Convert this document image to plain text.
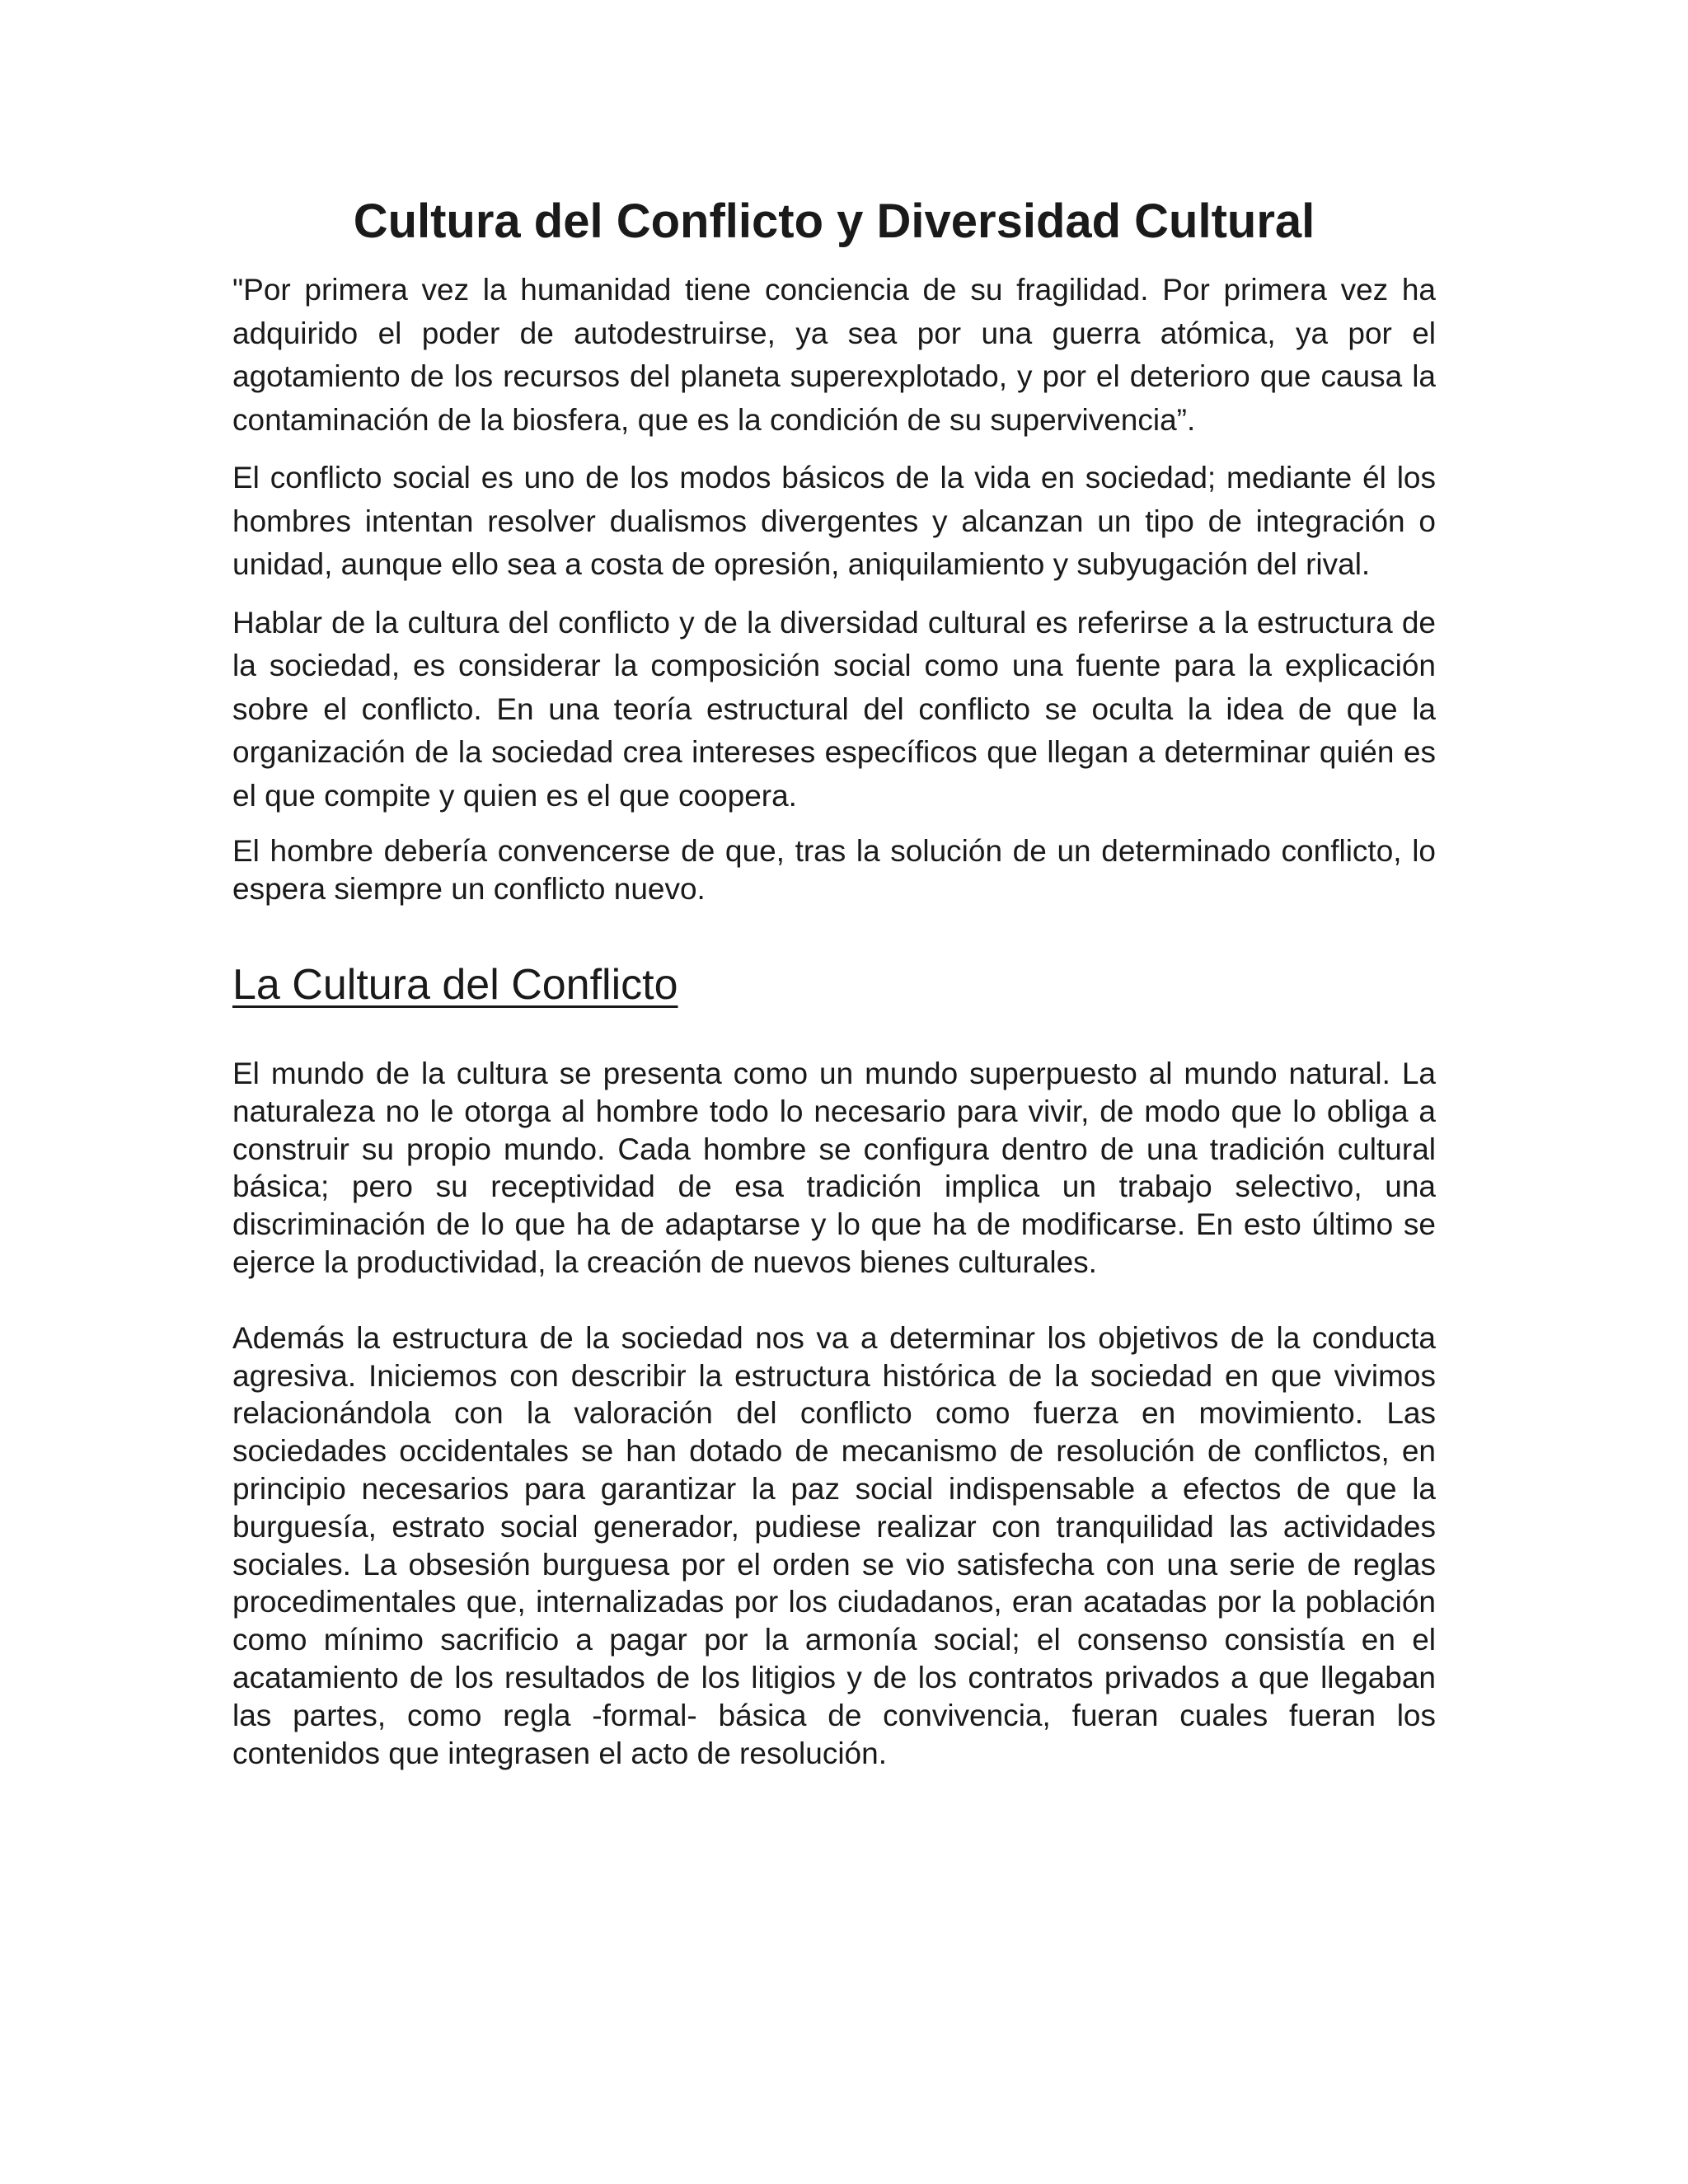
Cultura del Conflicto y Diversidad Cultural

"Por primera vez la humanidad tiene conciencia de su fragilidad. Por primera vez ha adquirido el poder de autodestruirse, ya sea por una guerra atómica, ya por el agotamiento de los recursos del planeta superexplotado, y por el deterioro que causa la contaminación de la biosfera, que es la condición de su supervivencia”.

El conflicto social es uno de los modos básicos de la vida en sociedad; mediante él los hombres intentan resolver dualismos divergentes y alcanzan un tipo de integración o unidad, aunque ello sea a costa de opresión, aniquilamiento y subyugación del rival.

Hablar de la cultura del conflicto y de la diversidad cultural es referirse a la estructura de la sociedad, es considerar la composición social como una fuente para la explicación sobre el conflicto. En una teoría estructural del conflicto se oculta la idea de que la organización de la sociedad crea intereses específicos que llegan a determinar quién es el que compite y quien es el que coopera.

El hombre debería convencerse de que, tras la solución de un determinado conflicto, lo espera siempre un conflicto nuevo.

La Cultura del Conflicto

El mundo de la cultura se presenta como un mundo superpuesto al mundo natural. La naturaleza no le otorga al hombre todo lo necesario para vivir, de modo que lo obliga a construir su propio mundo. Cada hombre se configura dentro de una tradición cultural básica; pero su receptividad de esa tradición implica un trabajo selectivo, una discriminación de lo que ha de adaptarse y lo que ha de modificarse. En esto último se ejerce la productividad, la creación de nuevos bienes culturales.

Además la estructura de la sociedad nos va a determinar los objetivos de la conducta agresiva. Iniciemos con describir la estructura histórica de la sociedad en que vivimos relacionándola con la valoración del conflicto como fuerza en movimiento. Las sociedades occidentales se han dotado de mecanismo de resolución de conflictos, en principio necesarios para garantizar la paz social indispensable a efectos de que la burguesía, estrato social generador, pudiese realizar con tranquilidad las actividades sociales. La obsesión burguesa por el orden se vio satisfecha con una serie de reglas procedimentales que, internalizadas por los ciudadanos, eran acatadas por la población como mínimo sacrificio a pagar por la armonía social; el consenso consistía en el acatamiento de los resultados de los litigios y de los contratos privados a que llegaban las partes, como regla -formal- básica de convivencia, fueran cuales fueran los contenidos que integrasen el acto de resolución.
